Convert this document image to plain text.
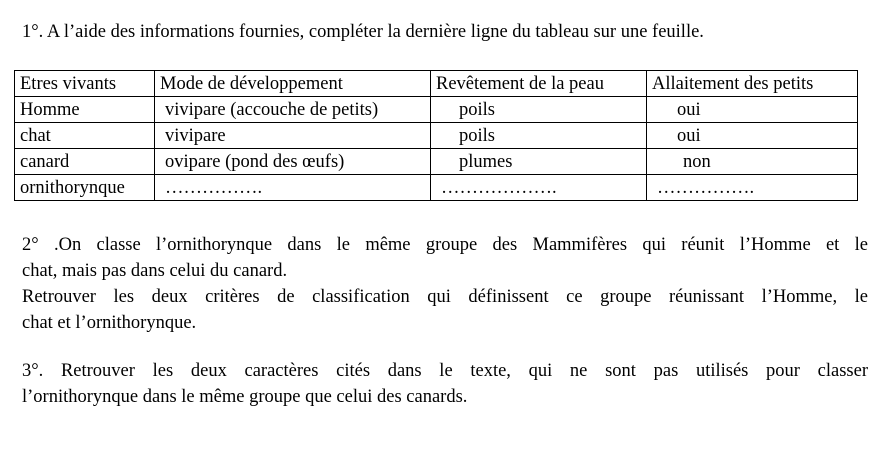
1°. A l’aide des informations fournies, compléter la dernière ligne du tableau sur une feuille.
Etres vivants	Mode de développement	Revêtement de la peau	Allaitement des petits
Homme	vivipare (accouche de petits)	poils	oui
chat	vivipare	poils	oui
canard	ovipare (pond des œufs)	plumes	non
ornithorynque	…………….	……………….	…………….

2° .On classe l’ornithorynque dans le même groupe des Mammifères qui réunit l’Homme et le

chat, mais pas dans celui du canard.

Retrouver les deux critères de classification qui définissent ce groupe réunissant l’Homme, le

chat et l’ornithorynque.

3°. Retrouver les deux caractères cités dans le texte, qui ne sont pas utilisés pour classer

l’ornithorynque dans le même groupe que celui des canards.
